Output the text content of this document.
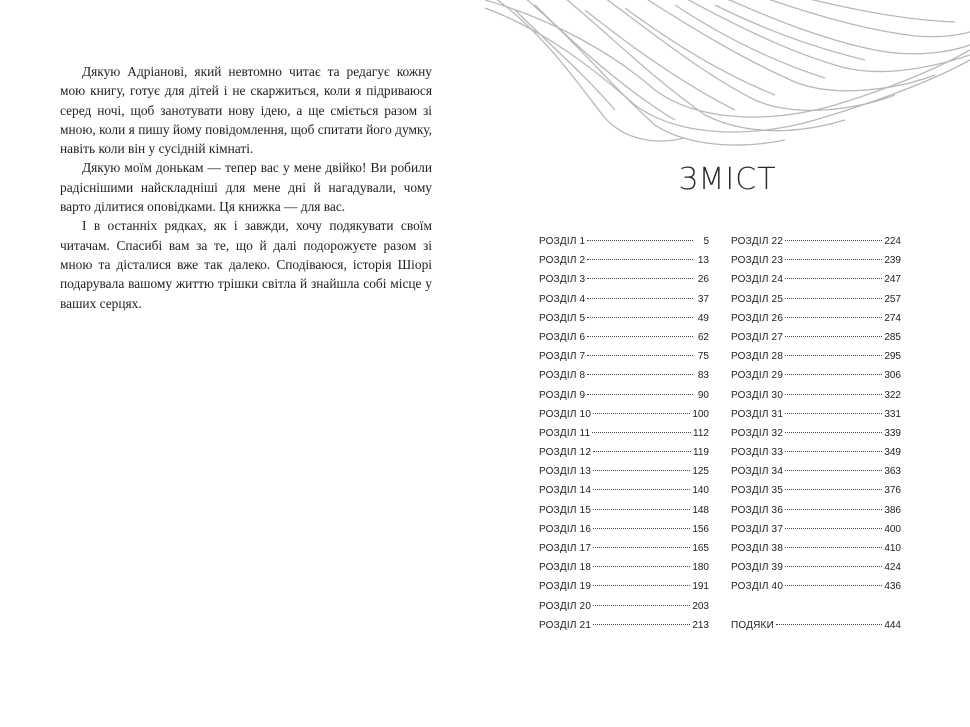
Дякую Адріанові, який невтомно читає та редагує кожну мою книгу, готує для дітей і не скаржиться, коли я підриваюся серед ночі, щоб занотувати нову ідею, а ще сміється разом зі мною, коли я пишу йому повідомлення, щоб спитати його думку, навіть коли він у сусідній кімнаті.

Дякую моїм донькам — тепер вас у мене двійко! Ви робили радіснішими найскладніші для мене дні й нагадували, чому варто ділитися оповідками. Ця книжка — для вас.

І в останніх рядках, як і завжди, хочу подякувати своїм читачам. Спасибі вам за те, що й далі подорожуєте разом зі мною та дісталися вже так далеко. Сподіваюся, історія Шіорі подарувала вашому життю трішки світла й знайшла собі місце у ваших серцях.

ЗМІСТ
РОЗДІЛ 1	5
РОЗДІЛ 2	13
РОЗДІЛ 3	26
РОЗДІЛ 4	37
РОЗДІЛ 5	49
РОЗДІЛ 6	62
РОЗДІЛ 7	75
РОЗДІЛ 8	83
РОЗДІЛ 9	90
РОЗДІЛ 10	100
РОЗДІЛ 11	112
РОЗДІЛ 12	119
РОЗДІЛ 13	125
РОЗДІЛ 14	140
РОЗДІЛ 15	148
РОЗДІЛ 16	156
РОЗДІЛ 17	165
РОЗДІЛ 18	180
РОЗДІЛ 19	191
РОЗДІЛ 20	203
РОЗДІЛ 21	213
РОЗДІЛ 22	224
РОЗДІЛ 23	239
РОЗДІЛ 24	247
РОЗДІЛ 25	257
РОЗДІЛ 26	274
РОЗДІЛ 27	285
РОЗДІЛ 28	295
РОЗДІЛ 29	306
РОЗДІЛ 30	322
РОЗДІЛ 31	331
РОЗДІЛ 32	339
РОЗДІЛ 33	349
РОЗДІЛ 34	363
РОЗДІЛ 35	376
РОЗДІЛ 36	386
РОЗДІЛ 37	400
РОЗДІЛ 38	410
РОЗДІЛ 39	424
РОЗДІЛ 40	436
ПОДЯКИ	444
